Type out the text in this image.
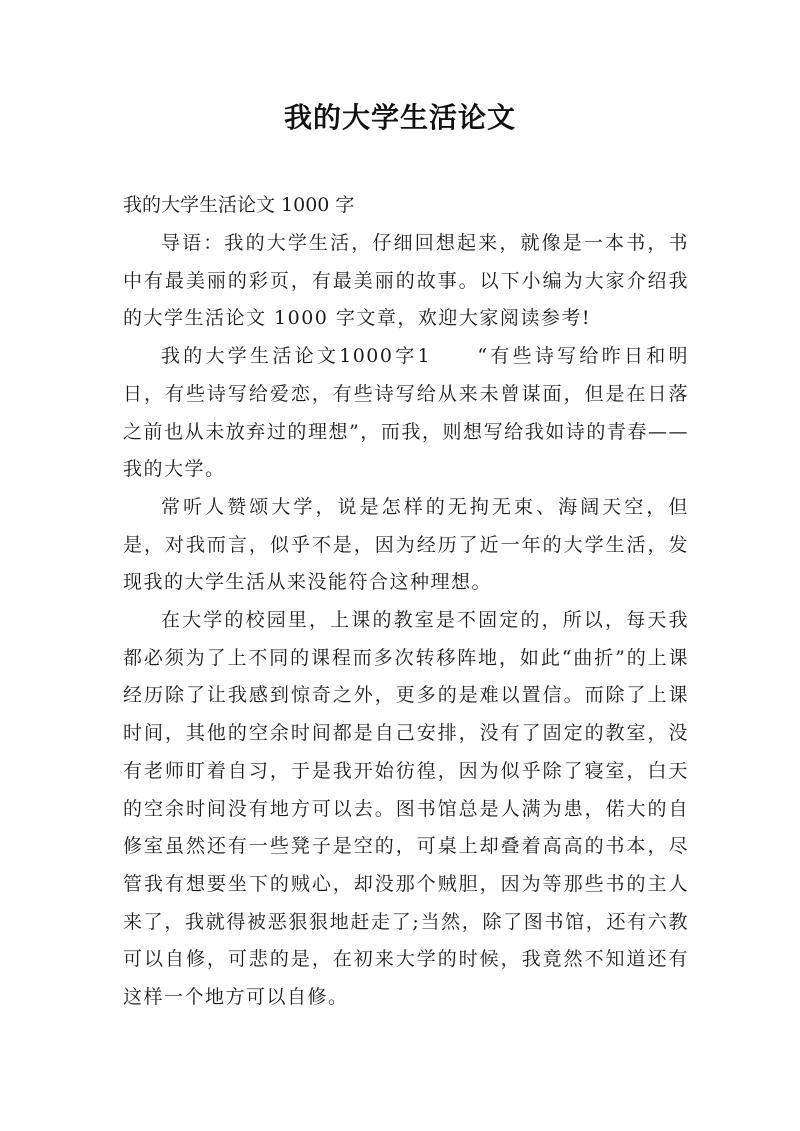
我的大学生活论文
我的大学生活论文 1000 字

导语：我的大学生活，仔细回想起来，就像是一本书，书中有最美丽的彩页，有最美丽的故事。以下小编为大家介绍我的大学生活论文 1000 字文章，欢迎大家阅读参考!

我的大学生活论文1000字1　　“有些诗写给昨日和明日，有些诗写给爱恋，有些诗写给从来未曾谋面，但是在日落之前也从未放弃过的理想”，而我，则想写给我如诗的青春——我的大学。

常听人赞颂大学，说是怎样的无拘无束、海阔天空，但是，对我而言，似乎不是，因为经历了近一年的大学生活，发现我的大学生活从来没能符合这种理想。

在大学的校园里，上课的教室是不固定的，所以，每天我都必须为了上不同的课程而多次转移阵地，如此“曲折”的上课经历除了让我感到惊奇之外，更多的是难以置信。而除了上课时间，其他的空余时间都是自己安排，没有了固定的教室，没有老师盯着自习，于是我开始彷徨，因为似乎除了寝室，白天的空余时间没有地方可以去。图书馆总是人满为患，偌大的自修室虽然还有一些凳子是空的，可桌上却叠着高高的书本，尽管我有想要坐下的贼心，却没那个贼胆，因为等那些书的主人来了，我就得被恶狠狠地赶走了;当然，除了图书馆，还有六教可以自修，可悲的是，在初来大学的时候，我竟然不知道还有这样一个地方可以自修。
